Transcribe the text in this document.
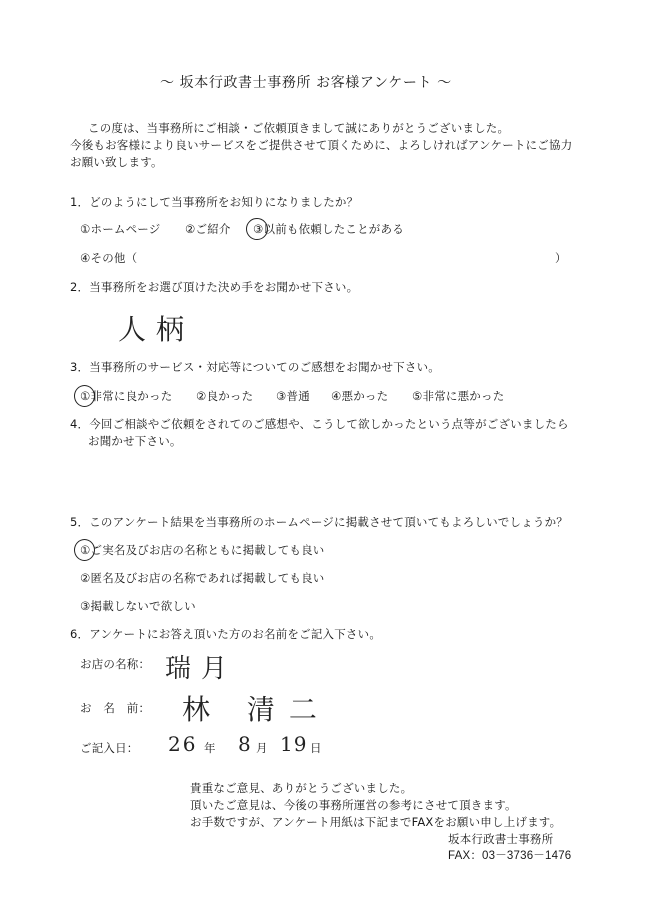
〜 坂本行政書士事務所 お客様アンケート 〜
この度は、当事務所にご相談・ご依頼頂きまして誠にありがとうございました。
今後もお客様により良いサービスをご提供させて頂くために、よろしければアンケートにご協力
お願い致します。
1．どのようにして当事務所をお知りになりましたか？
①ホームページ ②ご紹介 ③以前も依頼したことがある
④その他（	）
2．当事務所をお選び頂けた決め手をお聞かせ下さい。
人柄
3．当事務所のサービス・対応等についてのご感想をお聞かせ下さい。
①非常に良かった ②良かった ③普通 ④悪かった ⑤非常に悪かった
4．今回ご相談やご依頼をされてのご感想や、こうして欲しかったという点等がございましたら
お聞かせ下さい。
5．このアンケート結果を当事務所のホームページに掲載させて頂いてもよろしいでしょうか？
①ご実名及びお店の名称ともに掲載しても良い
②匿名及びお店の名称であれば掲載しても良い
③掲載しないで欲しい
6．アンケートにお答え頂いた方のお名前をご記入下さい。
お店の名称： 瑞月
お　名　前： 林 清二
ご記入日： 26 年 8 月 19 日
貴重なご意見、ありがとうございました。
頂いたご意見は、今後の事務所運営の参考にさせて頂きます。
お手数ですが、アンケート用紙は下記までFAXをお願い申し上げます。
坂本行政書士事務所
FAX：03－3736－1476
